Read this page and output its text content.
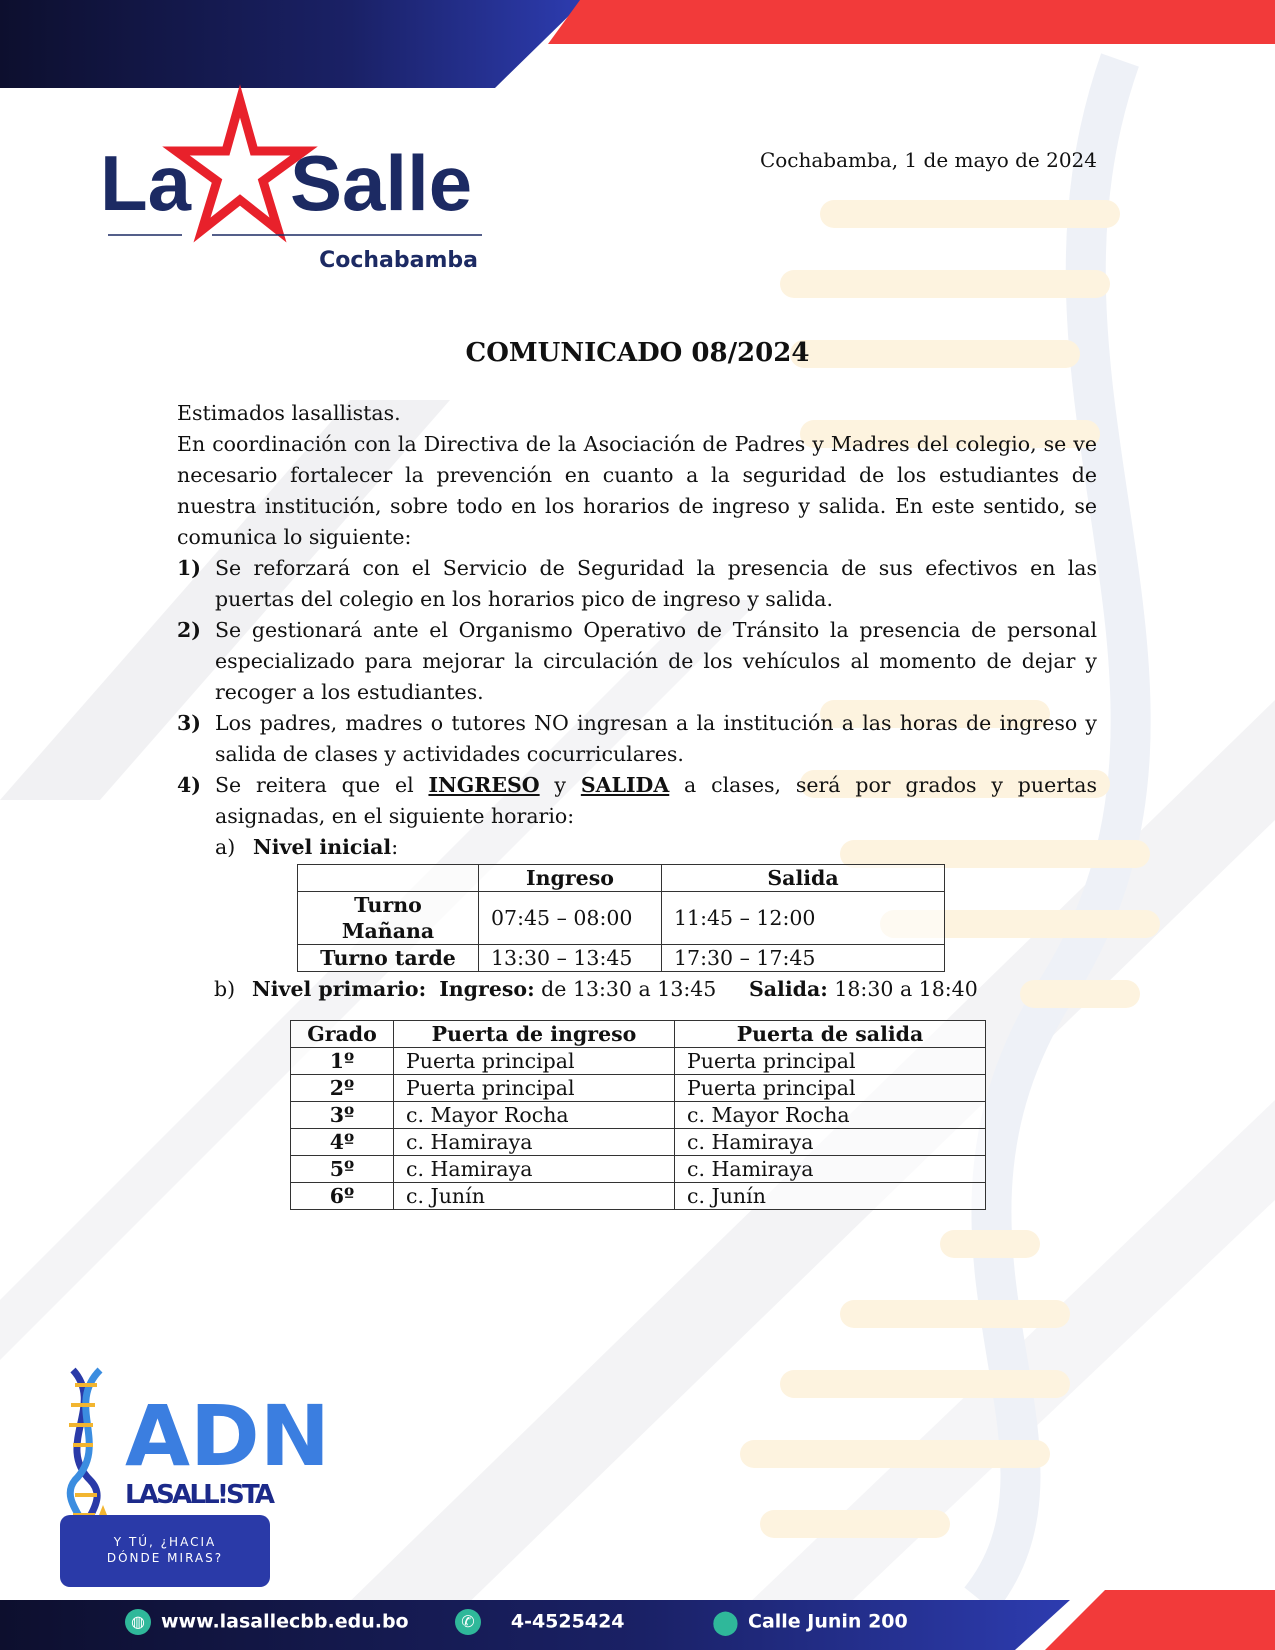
La Salle
Cochabamba
Cochabamba, 1 de mayo de 2024
COMUNICADO 08/2024

Estimados lasallistas.

En coordinación con la Directiva de la Asociación de Padres y Madres del colegio, se ve necesario fortalecer la prevención en cuanto a la seguridad de los estudiantes de nuestra institución, sobre todo en los horarios de ingreso y salida. En este sentido, se comunica lo siguiente:

1) Se reforzará con el Servicio de Seguridad la presencia de sus efectivos en las puertas del colegio en los horarios pico de ingreso y salida.
2) Se gestionará ante el Organismo Operativo de Tránsito la presencia de personal especializado para mejorar la circulación de los vehículos al momento de dejar y recoger a los estudiantes.
3) Los padres, madres o tutores NO ingresan a la institución a las horas de ingreso y salida de clases y actividades cocurriculares.
4) Se reitera que el INGRESO y SALIDA a clases, será por grados y puertas asignadas, en el siguiente horario:
a) Nivel inicial:
	Ingreso	Salida
Turno Mañana	07:45 – 08:00	11:45 – 12:00
Turno tarde	13:30 – 13:45	17:30 – 17:45
b) Nivel primario: Ingreso: de 13:30 a 13:45 Salida: 18:30 a 18:40
Grado	Puerta de ingreso	Puerta de salida
1º	Puerta principal	Puerta principal
2º	Puerta principal	Puerta principal
3º	c. Mayor Rocha	c. Mayor Rocha
4º	c. Hamiraya	c. Hamiraya
5º	c. Hamiraya	c. Hamiraya
6º	c. Junín	c. Junín
ADN
LASALL!STA
Y TÚ, ¿HACIA
DÓNDE MIRAS?
◍ www.lasallecbb.edu.bo	✆ 4-4525424	⬤ Calle Junin 200
